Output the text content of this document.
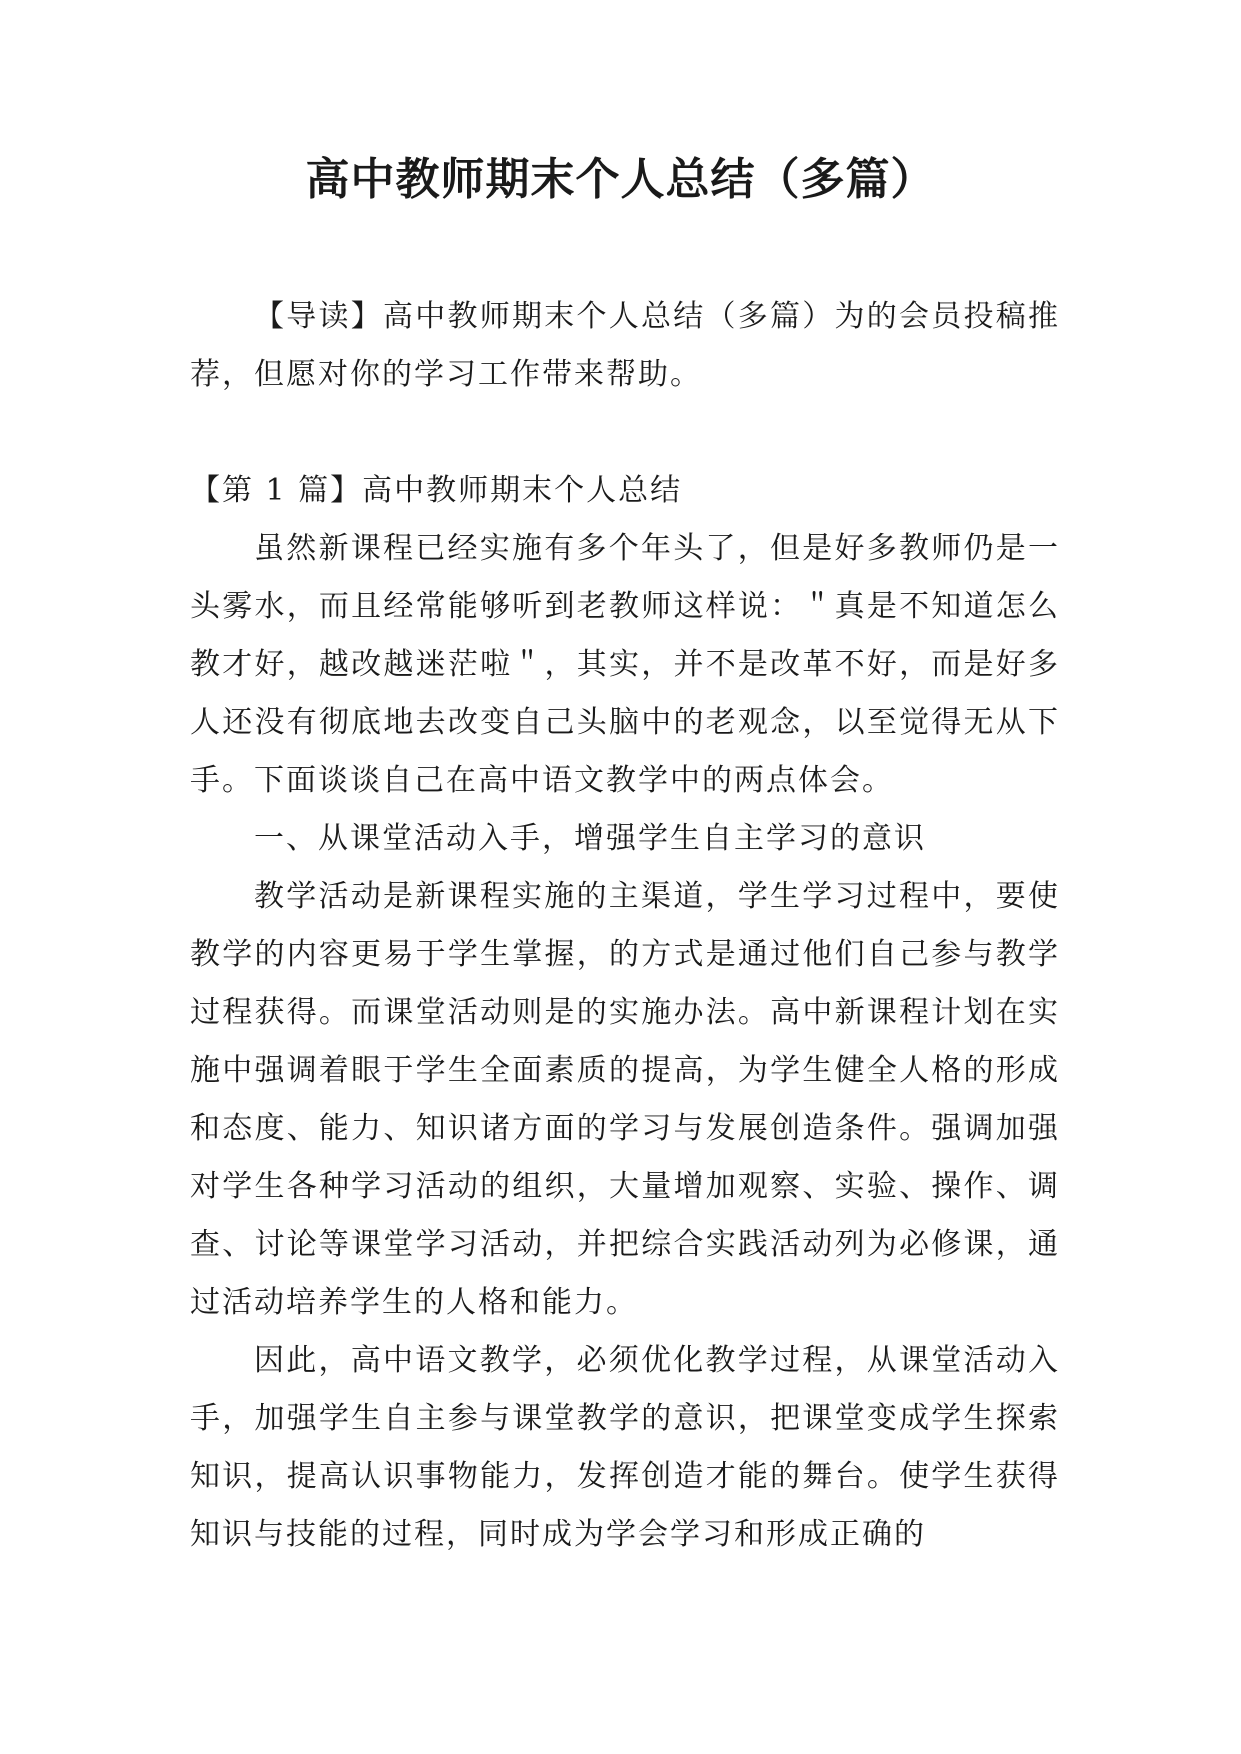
高中教师期末个人总结（多篇）

【导读】高中教师期末个人总结（多篇）为的会员投稿推荐，但愿对你的学习工作带来帮助。

【第 1 篇】高中教师期末个人总结

虽然新课程已经实施有多个年头了，但是好多教师仍是一头雾水，而且经常能够听到老教师这样说：＂真是不知道怎么教才好，越改越迷茫啦＂，其实，并不是改革不好，而是好多人还没有彻底地去改变自己头脑中的老观念，以至觉得无从下手。下面谈谈自己在高中语文教学中的两点体会。

一、从课堂活动入手，增强学生自主学习的意识

教学活动是新课程实施的主渠道，学生学习过程中，要使教学的内容更易于学生掌握，的方式是通过他们自己参与教学过程获得。而课堂活动则是的实施办法。高中新课程计划在实施中强调着眼于学生全面素质的提高，为学生健全人格的形成和态度、能力、知识诸方面的学习与发展创造条件。强调加强对学生各种学习活动的组织，大量增加观察、实验、操作、调查、讨论等课堂学习活动，并把综合实践活动列为必修课，通过活动培养学生的人格和能力。

因此，高中语文教学，必须优化教学过程，从课堂活动入手，加强学生自主参与课堂教学的意识，把课堂变成学生探索知识，提高认识事物能力，发挥创造才能的舞台。使学生获得知识与技能的过程，同时成为学会学习和形成正确的
